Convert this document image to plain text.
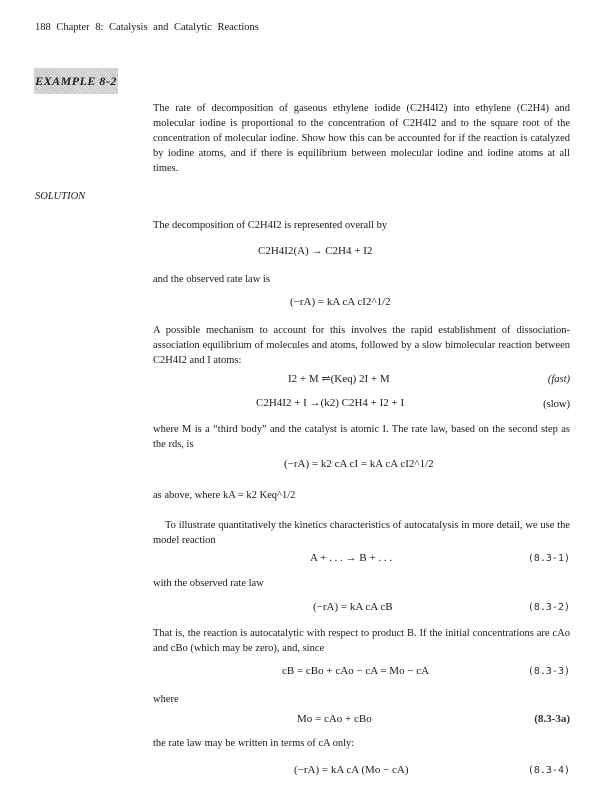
188 Chapter 8: Catalysis and Catalytic Reactions
EXAMPLE 8-2
The rate of decomposition of gaseous ethylene iodide (C2H4I2) into ethylene (C2H4) and molecular iodine is proportional to the concentration of C2H4I2 and to the square root of the concentration of molecular iodine. Show how this can be accounted for if the reaction is catalyzed by iodine atoms, and if there is equilibrium between molecular iodine and iodine atoms at all times.
SOLUTION
The decomposition of C2H4I2 is represented overall by
C2H4I2(A) → C2H4 + I2
and the observed rate law is
(−rA) = kA cA cI2^1/2
A possible mechanism to account for this involves the rapid establishment of dissociation-association equilibrium of molecules and atoms, followed by a slow bimolecular reaction between C2H4I2 and I atoms:
I2 + M ⇌(Keq) 2I + M	(fast)
C2H4I2 + I →(k2) C2H4 + I2 + I	(slow)
where M is a “third body” and the catalyst is atomic I. The rate law, based on the second step as the rds, is
(−rA) = k2 cA cI = kA cA cI2^1/2
as above, where kA = k2 Keq^1/2
To illustrate quantitatively the kinetics characteristics of autocatalysis in more detail, we use the model reaction
A + . . . → B + . . .	(8.3-1)
with the observed rate law
(−rA) = kA cA cB	(8.3-2)
That is, the reaction is autocatalytic with respect to product B. If the initial concentrations are cAo and cBo (which may be zero), and, since
cB = cBo + cAo − cA = Mo − cA	(8.3-3)
where
Mo = cAo + cBo	(8.3-3a)
the rate law may be written in terms of cA only:
(−rA) = kA cA (Mo − cA)	(8.3-4)
